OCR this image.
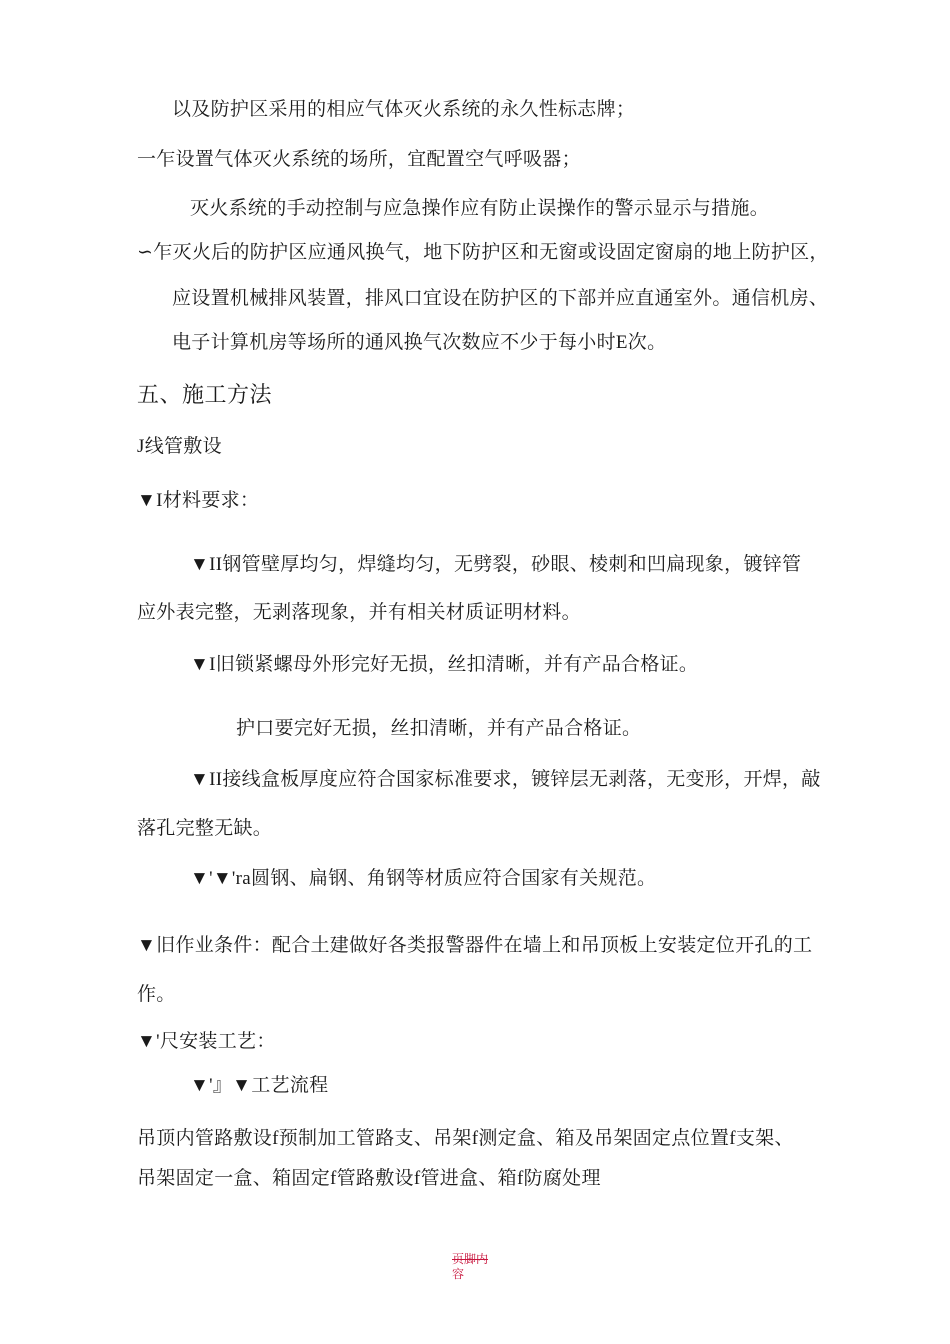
以及防护区采用的相应气体灭火系统的永久性标志牌；
一乍设置气体灭火系统的场所，宜配置空气呼吸器；
灭火系统的手动控制与应急操作应有防止误操作的警示显示与措施。
∽乍灭火后的防护区应通风换气，地下防护区和无窗或设固定窗扇的地上防护区，
应设置机械排风装置，排风口宜设在防护区的下部并应直通室外。通信机房、
电子计算机房等场所的通风换气次数应不少于每小时E次。
五、施工方法
J线管敷设
▼I材料要求：
▼II钢管壁厚均匀，焊缝均匀，无劈裂，砂眼、棱刺和凹扁现象，镀锌管
应外表完整，无剥落现象，并有相关材质证明材料。
▼I旧锁紧螺母外形完好无损，丝扣清晰，并有产品合格证。
护口要完好无损，丝扣清晰，并有产品合格证。
▼II接线盒板厚度应符合国家标准要求，镀锌层无剥落，无变形，开焊，敲
落孔完整无缺。
▼'▼'ra圆钢、扁钢、角钢等材质应符合国家有关规范。
▼旧作业条件：配合土建做好各类报警器件在墙上和吊顶板上安装定位开孔的工
作。
▼'尺安装工艺：
▼'』▼工艺流程
吊顶内管路敷设f预制加工管路支、吊架f测定盒、箱及吊架固定点位置f支架、
吊架固定一盒、箱固定f管路敷设f管进盒、箱f防腐处理
页脚内
容
